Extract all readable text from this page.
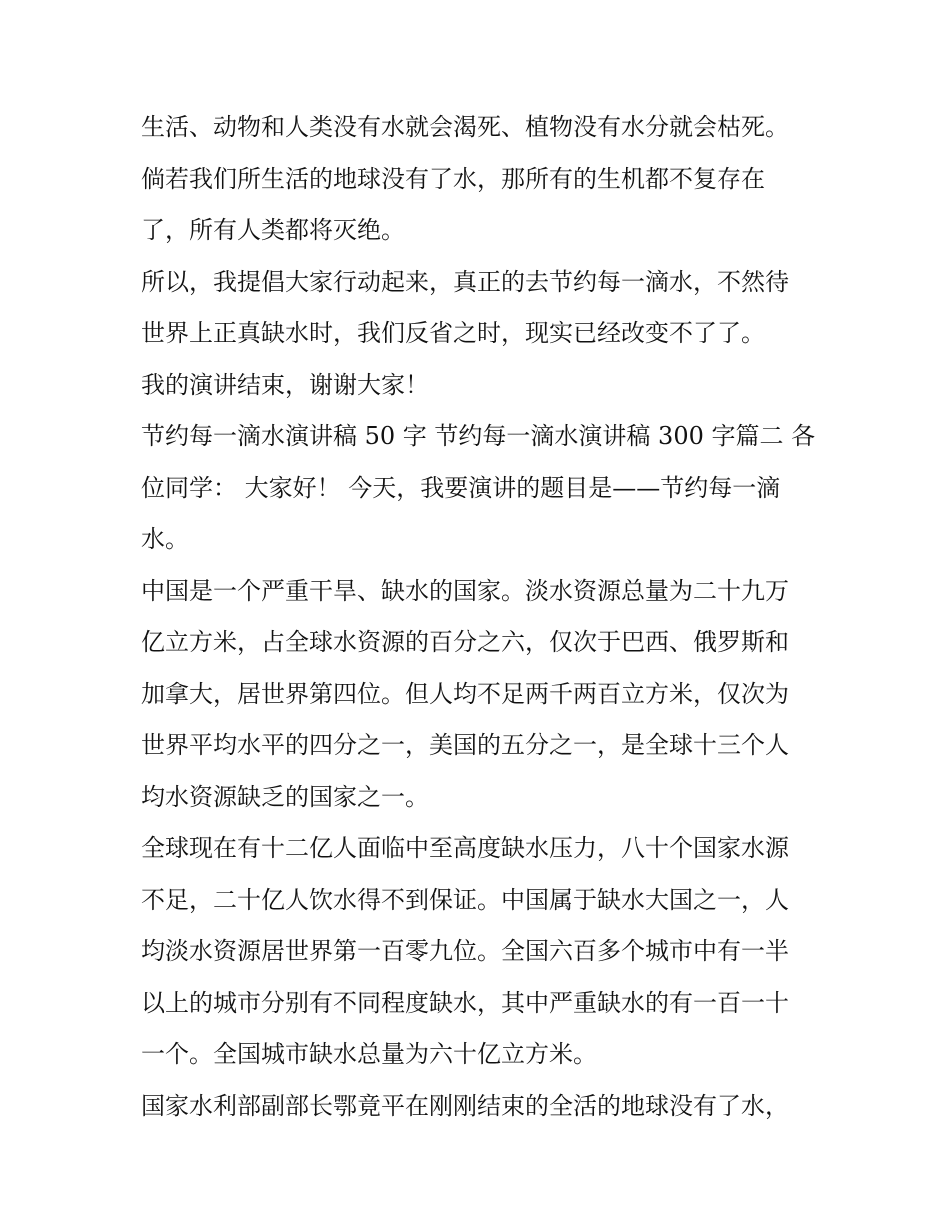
生活、动物和人类没有水就会渴死、植物没有水分就会枯死。
倘若我们所生活的地球没有了水，那所有的生机都不复存在
了，所有人类都将灭绝。
所以，我提倡大家行动起来，真正的去节约每一滴水，不然待
世界上正真缺水时，我们反省之时，现实已经改变不了了。
我的演讲结束，谢谢大家！
节约每一滴水演讲稿 50 字 节约每一滴水演讲稿 300 字篇二 各
位同学： 大家好！ 今天，我要演讲的题目是——节约每一滴
水。
中国是一个严重干旱、缺水的国家。淡水资源总量为二十九万
亿立方米，占全球水资源的百分之六，仅次于巴西、俄罗斯和
加拿大，居世界第四位。但人均不足两千两百立方米，仅次为
世界平均水平的四分之一，美国的五分之一，是全球十三个人
均水资源缺乏的国家之一。
全球现在有十二亿人面临中至高度缺水压力，八十个国家水源
不足，二十亿人饮水得不到保证。中国属于缺水大国之一，人
均淡水资源居世界第一百零九位。全国六百多个城市中有一半
以上的城市分别有不同程度缺水，其中严重缺水的有一百一十
一个。全国城市缺水总量为六十亿立方米。
国家水利部副部长鄂竟平在刚刚结束的全活的地球没有了水，
